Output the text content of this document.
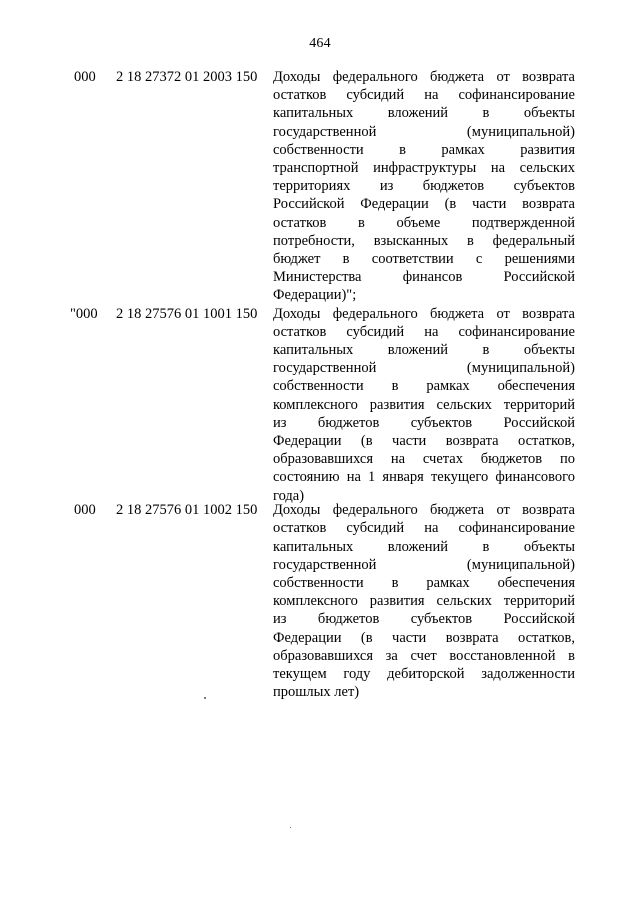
464
000 2 18 27372 01 2003 150 Доходы федерального бюджета от возврата
остатков субсидий на софинансирование
капитальных вложений в объекты
государственной (муниципальной)
собственности в рамках развития
транспортной инфраструктуры на сельских
территориях из бюджетов субъектов
Российской Федерации (в части возврата
остатков в объеме подтвержденной
потребности, взысканных в федеральный
бюджет в соответствии с решениями
Министерства финансов Российской
Федерации)";
"000 2 18 27576 01 1001 150 Доходы федерального бюджета от возврата
остатков субсидий на софинансирование
капитальных вложений в объекты
государственной (муниципальной)
собственности в рамках обеспечения
комплексного развития сельских территорий
из бюджетов субъектов Российской
Федерации (в части возврата остатков,
образовавшихся на счетах бюджетов по
состоянию на 1 января текущего финансового
года)
000 2 18 27576 01 1002 150 Доходы федерального бюджета от возврата
остатков субсидий на софинансирование
капитальных вложений в объекты
государственной (муниципальной)
собственности в рамках обеспечения
комплексного развития сельских территорий
из бюджетов субъектов Российской
Федерации (в части возврата остатков,
образовавшихся за счет восстановленной в
текущем году дебиторской задолженности
прошлых лет)
